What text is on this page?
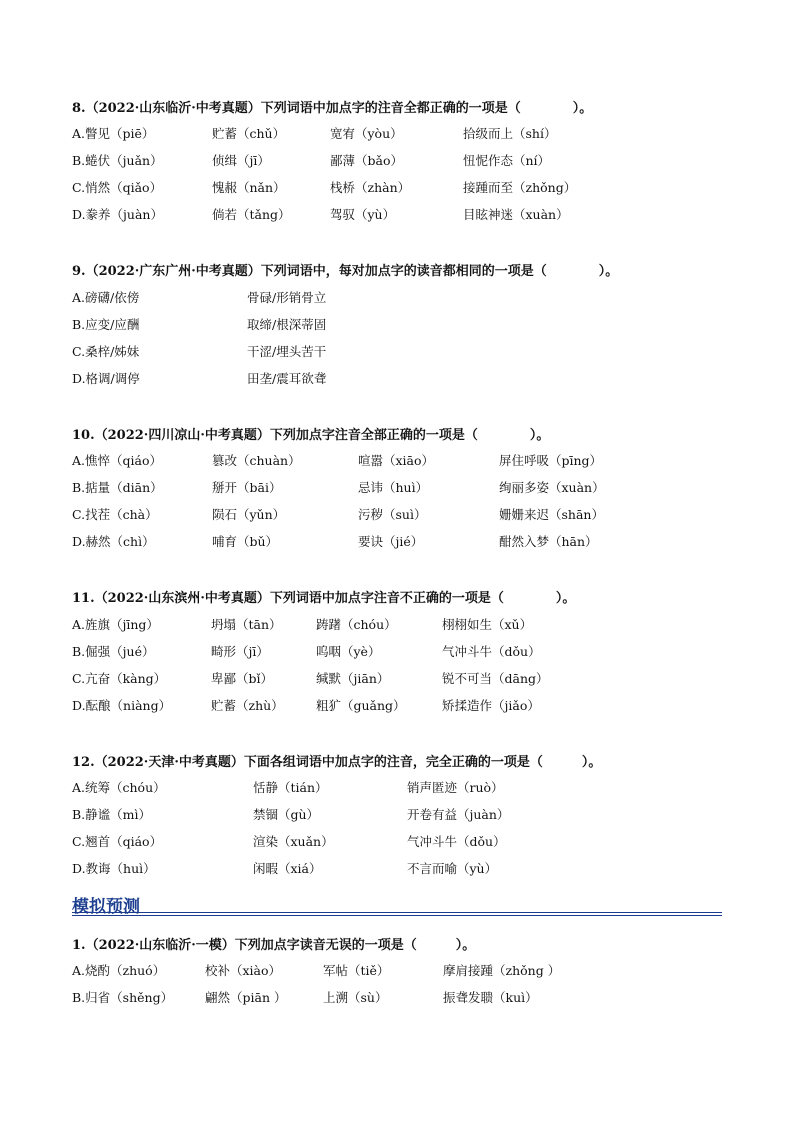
8.（2022·山东临沂·中考真题）下列词语中加点字的注音全都正确的一项是（　　　　）。
A.瞥见（piē）	贮蓄（chǔ）	宽宥（yòu）	拾级而上（shí）
B.蜷伏（juǎn）	侦缉（jī）	鄙薄（bǎo）	忸怩作态（ní）
C.悄然（qiǎo）	愧赧（nǎn）	栈桥（zhàn）	接踵而至（zhǒng）
D.豢养（juàn）	倘若（tǎng）	驾驭（yù）	目眩神迷（xuàn）
9.（2022·广东广州·中考真题）下列词语中，每对加点字的读音都相同的一项是（　　　　）。
A.磅礴/依傍	骨碌/形销骨立
B.应变/应酬	取缔/根深蒂固
C.桑梓/姊妹	干涩/埋头苦干
D.格调/调停	田垄/震耳欲聋
10.（2022·四川凉山·中考真题）下列加点字注音全部正确的一项是（　　　　）。
A.憔悴（qiáo）	篡改（chuàn）	喧嚣（xiāo）	屏住呼吸（pīng）
B.掂量（diān）	掰开（bāi）	忌讳（huì）	绚丽多姿（xuàn）
C.找茬（chà）	陨石（yǔn）	污秽（suì）	姗姗来迟（shān）
D.赫然（chì）	哺育（bǔ）	要诀（jié）	酣然入梦（hān）
11.（2022·山东滨州·中考真题）下列词语中加点字注音不正确的一项是（　　　　）。
A.旌旗（jīng）	坍塌（tān）	踌躇（chóu）	栩栩如生（xǔ）
B.倔强（jué）	畸形（jī）	呜咽（yè）	气冲斗牛（dǒu）
C.亢奋（kàng）	卑鄙（bǐ）	缄默（jiān）	锐不可当（dāng）
D.酝酿（niàng）	贮蓄（zhù）	粗犷（guǎng）	矫揉造作（jiǎo）
12.（2022·天津·中考真题）下面各组词语中加点字的注音，完全正确的一项是（　　　）。
A.统筹（chóu）	恬静（tián）	销声匿迹（ruò）
B.静谧（mì）	禁锢（gù）	开卷有益（juàn）
C.翘首（qiáo）	渲染（xuǎn）	气冲斗牛（dǒu）
D.教诲（huì）	闲暇（xiá）	不言而喻（yù）
模拟预测
1.（2022·山东临沂·一模）下列加点字读音无误的一项是（　　　）。
A.烧酌（zhuó）	校补（xiào）	军帖（tiě）	摩肩接踵（zhǒng ）
B.归省（shěng）	翩然（piān ）	上溯（sù）	振聋发聩（kuì）
